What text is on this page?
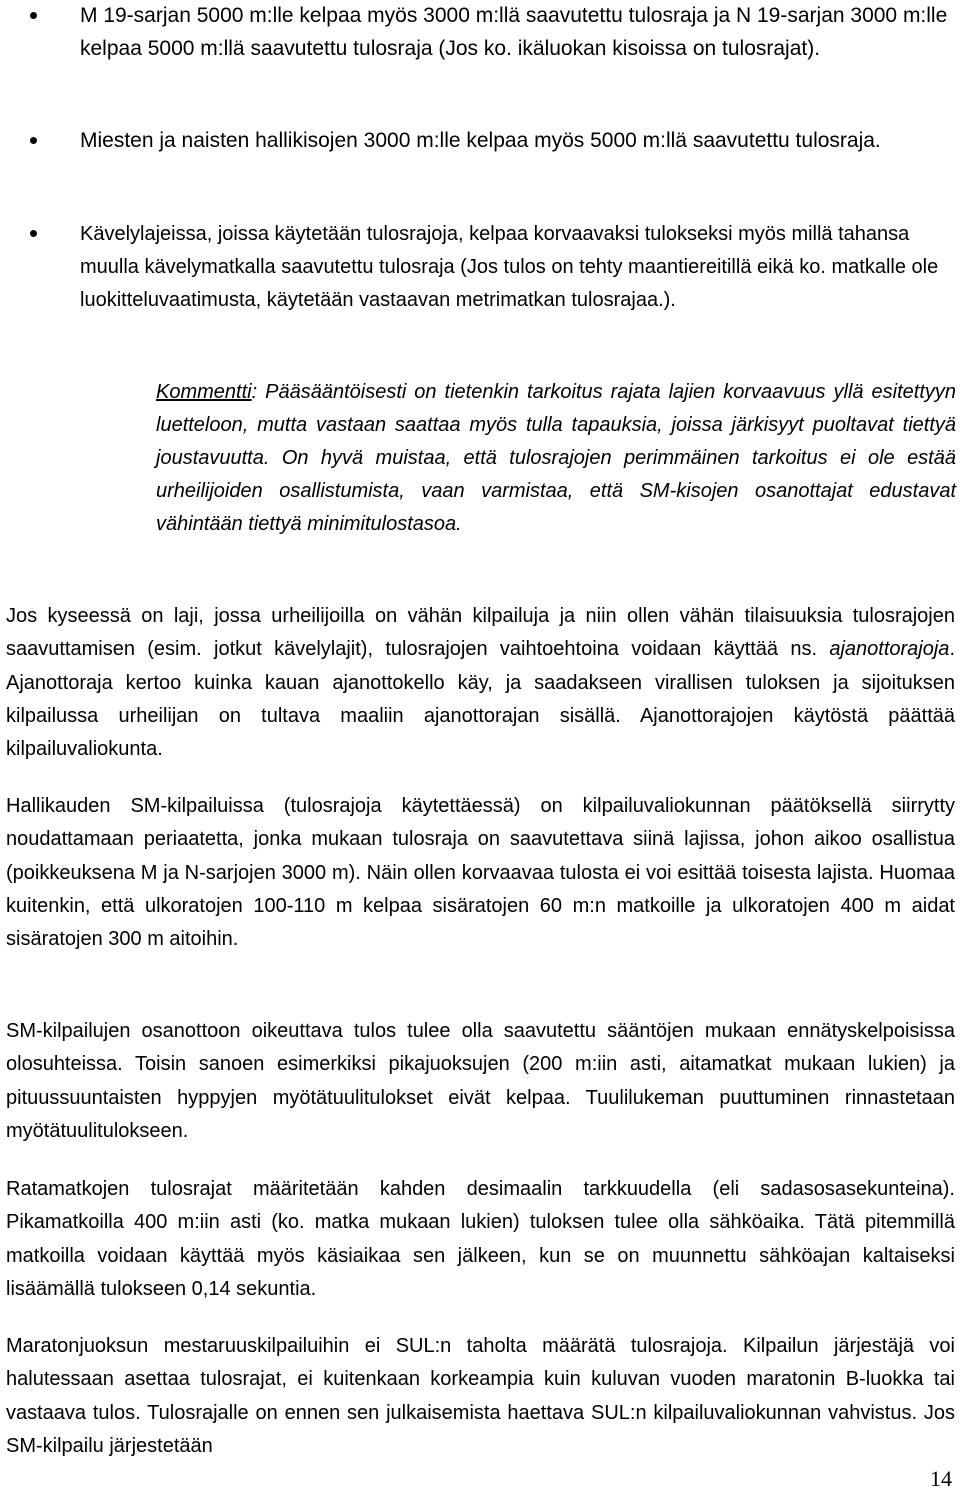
M 19-sarjan 5000 m:lle kelpaa myös 3000 m:llä saavutettu tulosraja ja N 19-sarjan 3000 m:lle kelpaa 5000 m:llä saavutettu tulosraja (Jos ko. ikäluokan kisoissa on tulosrajat).
Miesten ja naisten hallikisojen 3000 m:lle kelpaa myös 5000 m:llä saavutettu tulosraja.
Kävelylajeissa, joissa käytetään tulosrajoja, kelpaa korvaavaksi tulokseksi myös millä tahansa muulla kävelymatkalla saavutettu tulosraja (Jos tulos on tehty maantiereitillä eikä ko. matkalle ole luokitteluvaatimusta, käytetään vastaavan metrimatkan tulosrajaa.).
Kommentti: Pääsääntöisesti on tietenkin tarkoitus rajata lajien korvaavuus yllä esitettyyn luetteloon, mutta vastaan saattaa myös tulla tapauksia, joissa järkisyyt puoltavat tiettyä joustavuutta. On hyvä muistaa, että tulosrajojen perimmäinen tarkoitus ei ole estää urheilijoiden osallistumista, vaan varmistaa, että SM-kisojen osanottajat edustavat vähintään tiettyä minimitulostasoa.

Jos kyseessä on laji, jossa urheilijoilla on vähän kilpailuja ja niin ollen vähän tilaisuuksia tulosrajojen saavuttamisen (esim. jotkut kävelylajit), tulosrajojen vaihtoehtoina voidaan käyttää ns. ajanottorajoja. Ajanottoraja kertoo kuinka kauan ajanottokello käy, ja saadakseen virallisen tuloksen ja sijoituksen kilpailussa urheilijan on tultava maaliin ajanottorajan sisällä. Ajanottorajojen käytöstä päättää kilpailuvaliokunta.

Hallikauden SM-kilpailuissa (tulosrajoja käytettäessä) on kilpailuvaliokunnan päätöksellä siirrytty noudattamaan periaatetta, jonka mukaan tulosraja on saavutettava siinä lajissa, johon aikoo osallistua (poikkeuksena M ja N-sarjojen 3000 m). Näin ollen korvaavaa tulosta ei voi esittää toisesta lajista. Huomaa kuitenkin, että ulkoratojen 100-110 m kelpaa sisäratojen 60 m:n matkoille ja ulkoratojen 400 m aidat sisäratojen 300 m aitoihin.

SM-kilpailujen osanottoon oikeuttava tulos tulee olla saavutettu sääntöjen mukaan ennätyskelpoisissa olosuhteissa. Toisin sanoen esimerkiksi pikajuoksujen (200 m:iin asti, aitamatkat mukaan lukien) ja pituussuuntaisten hyppyjen myötätuulitulokset eivät kelpaa. Tuulilukeman puuttuminen rinnastetaan myötätuulitulokseen.

Ratamatkojen tulosrajat määritetään kahden desimaalin tarkkuudella (eli sadasosasekunteina). Pikamatkoilla 400 m:iin asti (ko. matka mukaan lukien) tuloksen tulee olla sähköaika. Tätä pitemmillä matkoilla voidaan käyttää myös käsiaikaa sen jälkeen, kun se on muunnettu sähköajan kaltaiseksi lisäämällä tulokseen 0,14 sekuntia.

Maratonjuoksun mestaruuskilpailuihin ei SUL:n taholta määrätä tulosrajoja. Kilpailun järjestäjä voi halutessaan asettaa tulosrajat, ei kuitenkaan korkeampia kuin kuluvan vuoden maratonin B-luokka tai vastaava tulos. Tulosrajalle on ennen sen julkaisemista haettava SUL:n kilpailuvaliokunnan vahvistus. Jos SM-kilpailu järjestetään

14
